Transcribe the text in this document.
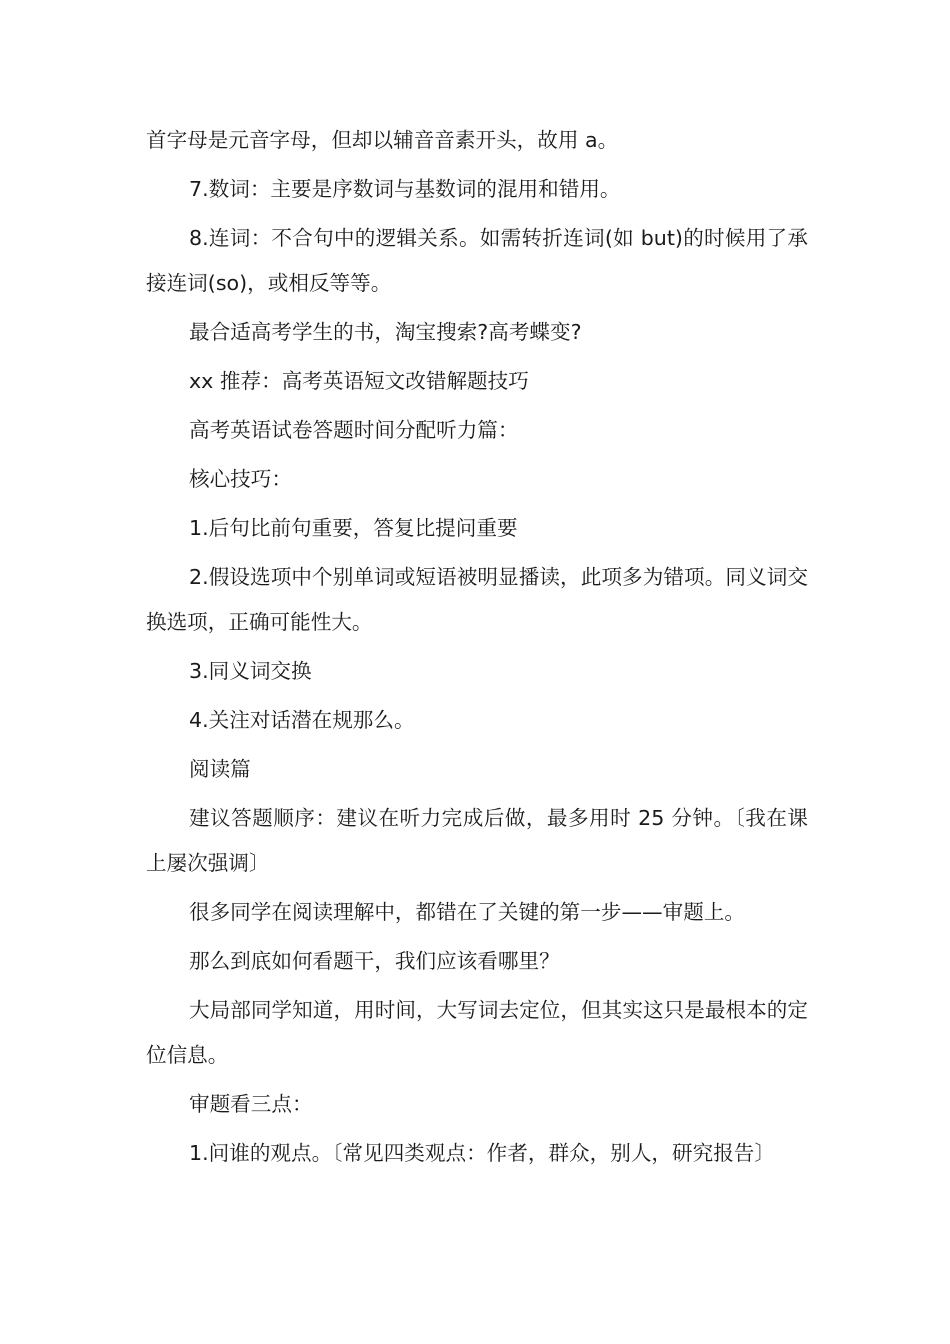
首字母是元音字母，但却以辅音音素开头，故用 a。

7.数词：主要是序数词与基数词的混用和错用。

8.连词：不合句中的逻辑关系。如需转折连词(如 but)的时候用了承接连词(so)，或相反等等。

最合适高考学生的书，淘宝搜索?高考蝶变?

xx 推荐：高考英语短文改错解题技巧

高考英语试卷答题时间分配听力篇：

核心技巧：

1.后句比前句重要，答复比提问重要

2.假设选项中个别单词或短语被明显播读，此项多为错项。同义词交换选项，正确可能性大。

3.同义词交换

4.关注对话潜在规那么。

阅读篇

建议答题顺序：建议在听力完成后做，最多用时 25 分钟。〔我在课上屡次强调〕

很多同学在阅读理解中，都错在了关键的第一步——审题上。

那么到底如何看题干，我们应该看哪里？

大局部同学知道，用时间，大写词去定位，但其实这只是最根本的定位信息。

审题看三点：

1.问谁的观点。〔常见四类观点：作者，群众，别人，研究报告〕
